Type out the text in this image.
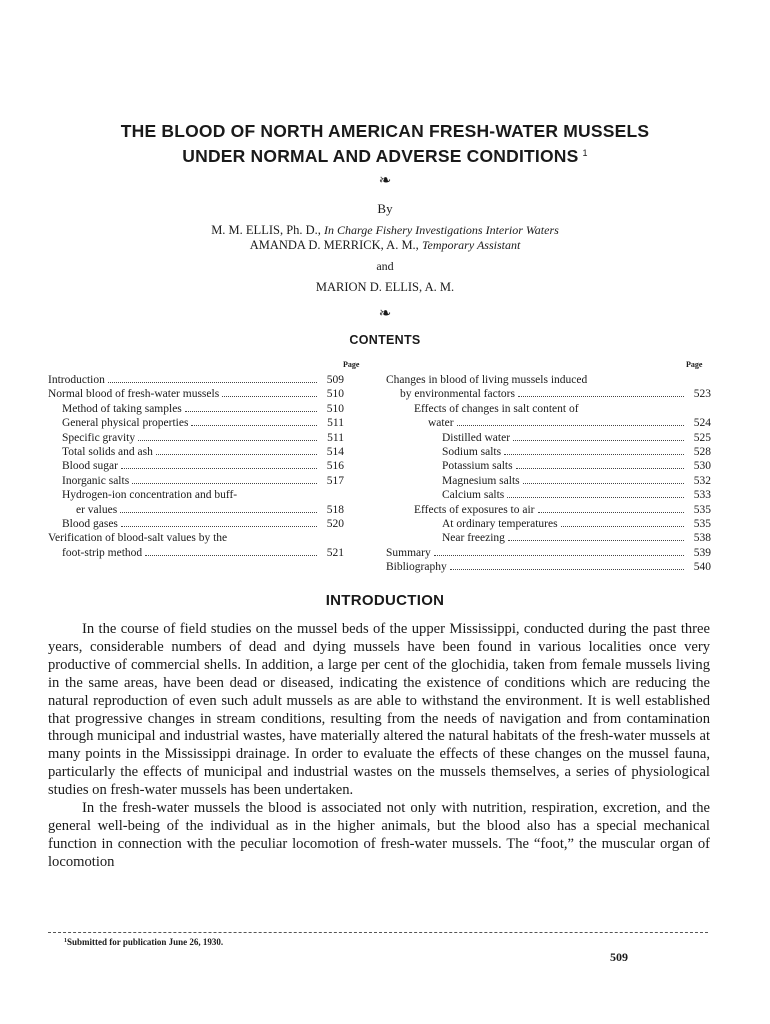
THE BLOOD OF NORTH AMERICAN FRESH-WATER MUSSELS
UNDER NORMAL AND ADVERSE CONDITIONS $^1$
❧
By
M. M. ELLIS, Ph. D., In Charge Fishery Investigations Interior Waters
AMANDA D. MERRICK, A. M., Temporary Assistant
and
MARION D. ELLIS, A. M.
❧
CONTENTS
Page	Page
Introduction	509
Normal blood of fresh-water mussels	510
Method of taking samples	510
General physical properties	511
Specific gravity	511
Total solids and ash	514
Blood sugar	516
Inorganic salts	517
Hydrogen-ion concentration and buff-
er values	518
Blood gases	520
Verification of blood-salt values by the
foot-strip method	521
Changes in blood of living mussels induced
by environmental factors	523
Effects of changes in salt content of
water	524
Distilled water	525
Sodium salts	528
Potassium salts	530
Magnesium salts	532
Calcium salts	533
Effects of exposures to air	535
At ordinary temperatures	535
Near freezing	538
Summary	539
Bibliography	540
INTRODUCTION

In the course of field studies on the mussel beds of the upper Mississippi, conducted during the past three years, considerable numbers of dead and dying mussels have been found in various localities once very productive of commercial shells. In addition, a large per cent of the glochidia, taken from female mussels living in the same areas, have been dead or diseased, indicating the existence of conditions which are reducing the natural reproduction of even such adult mussels as are able to withstand the environment. It is well established that progressive changes in stream conditions, resulting from the needs of navigation and from contamination through municipal and industrial wastes, have materially altered the natural habitats of the fresh-water mussels at many points in the Mississippi drainage. In order to evaluate the effects of these changes on the mussel fauna, particularly the effects of municipal and industrial wastes on the mussels themselves, a series of physiological studies on fresh-water mussels has been undertaken.

In the fresh-water mussels the blood is associated not only with nutrition, respiration, excretion, and the general well-being of the individual as in the higher animals, but the blood also has a special mechanical function in connection with the peculiar locomotion of fresh-water mussels. The “foot,” the muscular organ of locomotion

$^1$Submitted for publication June 26, 1930.
509
